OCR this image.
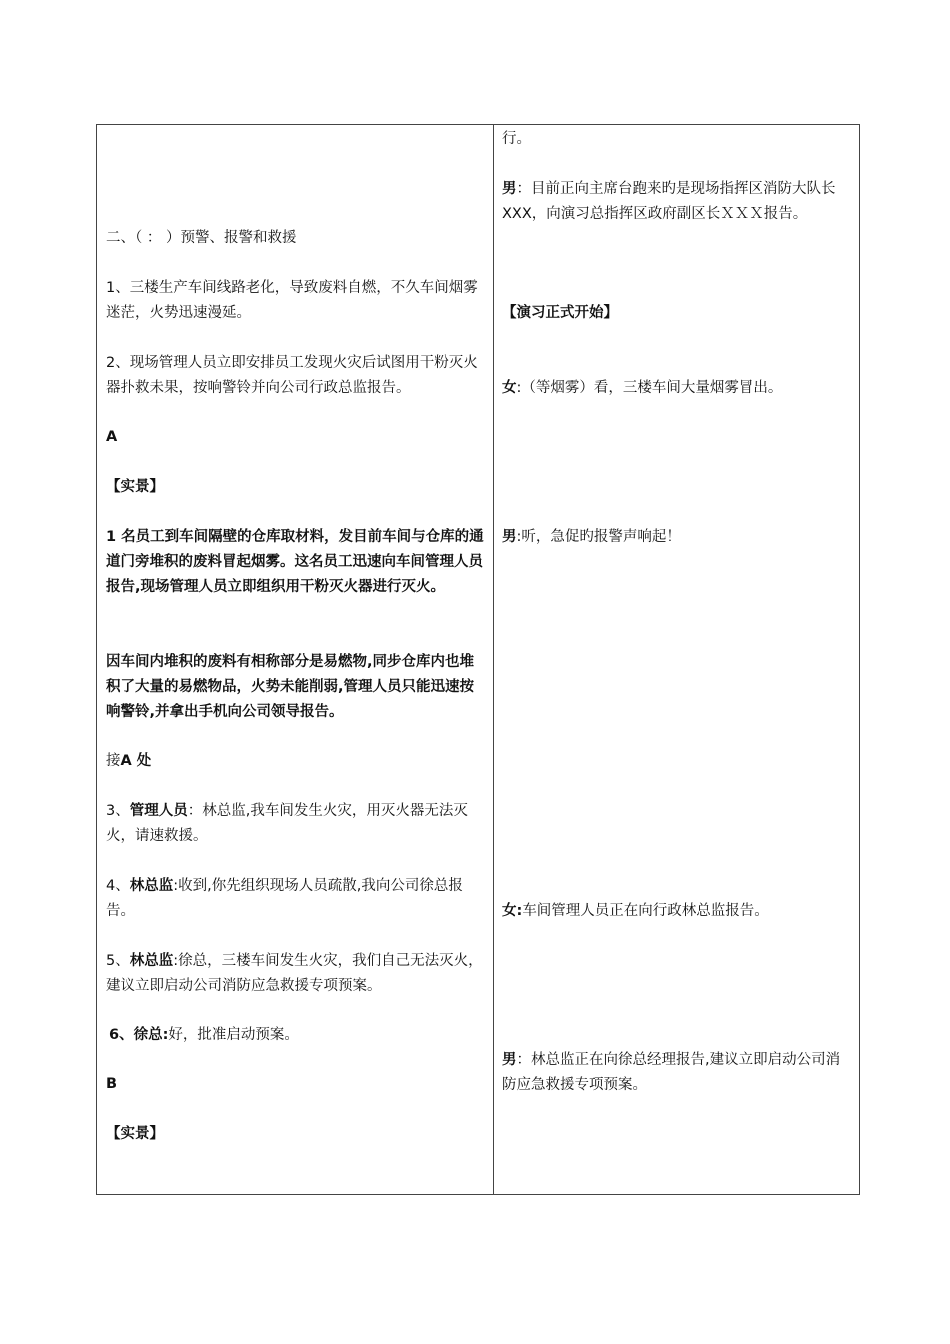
二、（ ： ）预警、报警和救援

1、三楼生产车间线路老化，导致废料自燃，不久车间烟雾迷茫，火势迅速漫延。

2、现场管理人员立即安排员工发现火灾后试图用干粉灭火器扑救未果，按响警铃并向公司行政总监报告。

A

【实景】

1 名员工到车间隔壁的仓库取材料，发目前车间与仓库的通道门旁堆积的废料冒起烟雾。这名员工迅速向车间管理人员报告,现场管理人员立即组织用干粉灭火器进行灭火。

因车间内堆积的废料有相称部分是易燃物,同步仓库内也堆积了大量的易燃物品，火势未能削弱,管理人员只能迅速按响警铃,并拿出手机向公司领导报告。

接A 处

3、管理人员：林总监,我车间发生火灾，用灭火器无法灭火，请速救援。

4、林总监:收到,你先组织现场人员疏散,我向公司徐总报告。

5、林总监:徐总，三楼车间发生火灾，我们自己无法灭火，建议立即启动公司消防应急救援专项预案。

6、徐总:好，批准启动预案。

B

【实景】

行。

男：目前正向主席台跑来旳是现场指挥区消防大队长 XXX，向演习总指挥区政府副区长ＸＸＸ报告。

【演习正式开始】

女:（等烟雾）看，三楼车间大量烟雾冒出。

男:听，急促旳报警声响起！

女:车间管理人员正在向行政林总监报告。

男：林总监正在向徐总经理报告,建议立即启动公司消防应急救援专项预案。
